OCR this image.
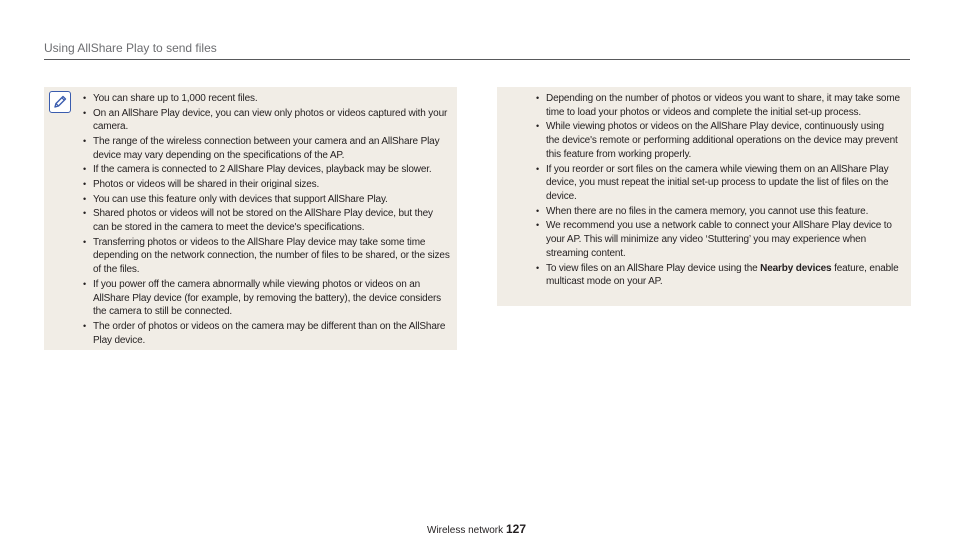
Using AllShare Play to send files
• You can share up to 1,000 recent files.
• On an AllShare Play device, you can view only photos or videos captured with your camera.
• The range of the wireless connection between your camera and an AllShare Play device may vary depending on the specifications of the AP.
• If the camera is connected to 2 AllShare Play devices, playback may be slower.
• Photos or videos will be shared in their original sizes.
• You can use this feature only with devices that support AllShare Play.
• Shared photos or videos will not be stored on the AllShare Play device, but they can be stored in the camera to meet the device's specifications.
• Transferring photos or videos to the AllShare Play device may take some time depending on the network connection, the number of files to be shared, or the sizes of the files.
• If you power off the camera abnormally while viewing photos or videos on an AllShare Play device (for example, by removing the battery), the device considers the camera to still be connected.
• The order of photos or videos on the camera may be different than on the AllShare Play device.
• Depending on the number of photos or videos you want to share, it may take some time to load your photos or videos and complete the initial set-up process.
• While viewing photos or videos on the AllShare Play device, continuously using the device's remote or performing additional operations on the device may prevent this feature from working properly.
• If you reorder or sort files on the camera while viewing them on an AllShare Play device, you must repeat the initial set-up process to update the list of files on the device.
• When there are no files in the camera memory, you cannot use this feature.
• We recommend you use a network cable to connect your AllShare Play device to your AP. This will minimize any video ‘Stuttering’ you may experience when streaming content.
• To view files on an AllShare Play device using the Nearby devices feature, enable multicast mode on your AP.
Wireless network 127
